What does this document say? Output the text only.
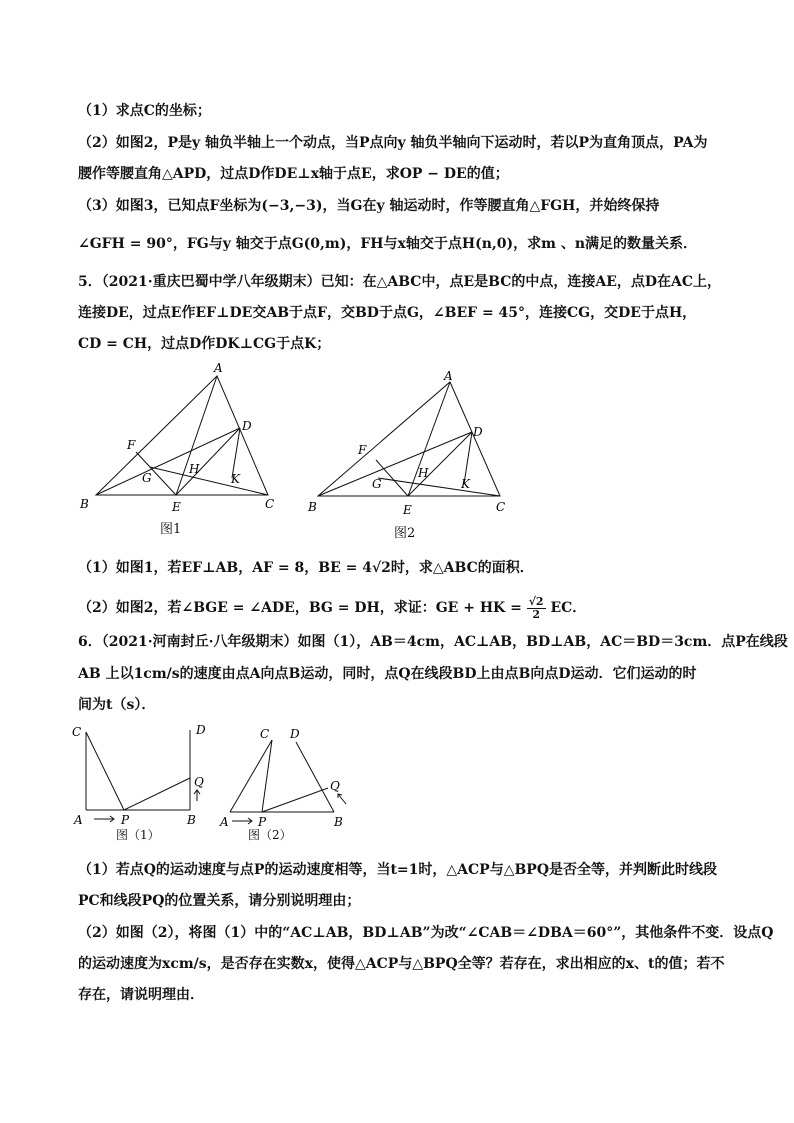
（1）求点C的坐标；
（2）如图2，P是y 轴负半轴上一个动点，当P点向y 轴负半轴向下运动时，若以P为直角顶点，PA为
腰作等腰直角△APD，过点D作DE⊥x轴于点E，求OP − DE的值；
（3）如图3，已知点F坐标为(−3,−3)，当G在y 轴运动时，作等腰直角△FGH，并始终保持
∠GFH = 90°，FG与y 轴交于点G(0,m)，FH与x轴交于点H(n,0)，求m 、n满足的数量关系．
5．（2021·重庆巴蜀中学八年级期末）已知：在△ABC中，点E是BC的中点，连接AE，点D在AC上，
连接DE，过点E作EF⊥DE交AB于点F，交BD于点G，∠BEF = 45°，连接CG，交DE于点H，
CD = CH，过点D作DK⊥CG于点K；
A
B	C
D
E
F
G
H
K
图1
A
B	C
D
E
F
G
H
K
图2
（1）如图1，若EF⊥AB，AF = 8，BE = 4√2时，求△ABC的面积．
（2）如图2，若∠BGE = ∠ADE，BG = DH，求证：GE + HK = $\frac{√2}{2}$ EC．
6．（2021·河南封丘·八年级期末）如图（1），AB＝4cm，AC⊥AB，BD⊥AB，AC＝BD＝3cm．点P在线段
AB 上以1cm/s的速度由点A向点B运动，同时，点Q在线段BD上由点B向点D运动．它们运动的时
间为t（s）．
C	D
Q
A	P	B
图（1）
C D
Q
A P	B
图（2）
（1）若点Q的运动速度与点P的运动速度相等，当t=1时，△ACP与△BPQ是否全等，并判断此时线段
PC和线段PQ的位置关系，请分别说明理由；
（2）如图（2），将图（1）中的“AC⊥AB，BD⊥AB”为改“∠CAB＝∠DBA＝60°”，其他条件不变．设点Q
的运动速度为xcm/s，是否存在实数x，使得△ACP与△BPQ全等？若存在，求出相应的x、t的值；若不
存在，请说明理由．
